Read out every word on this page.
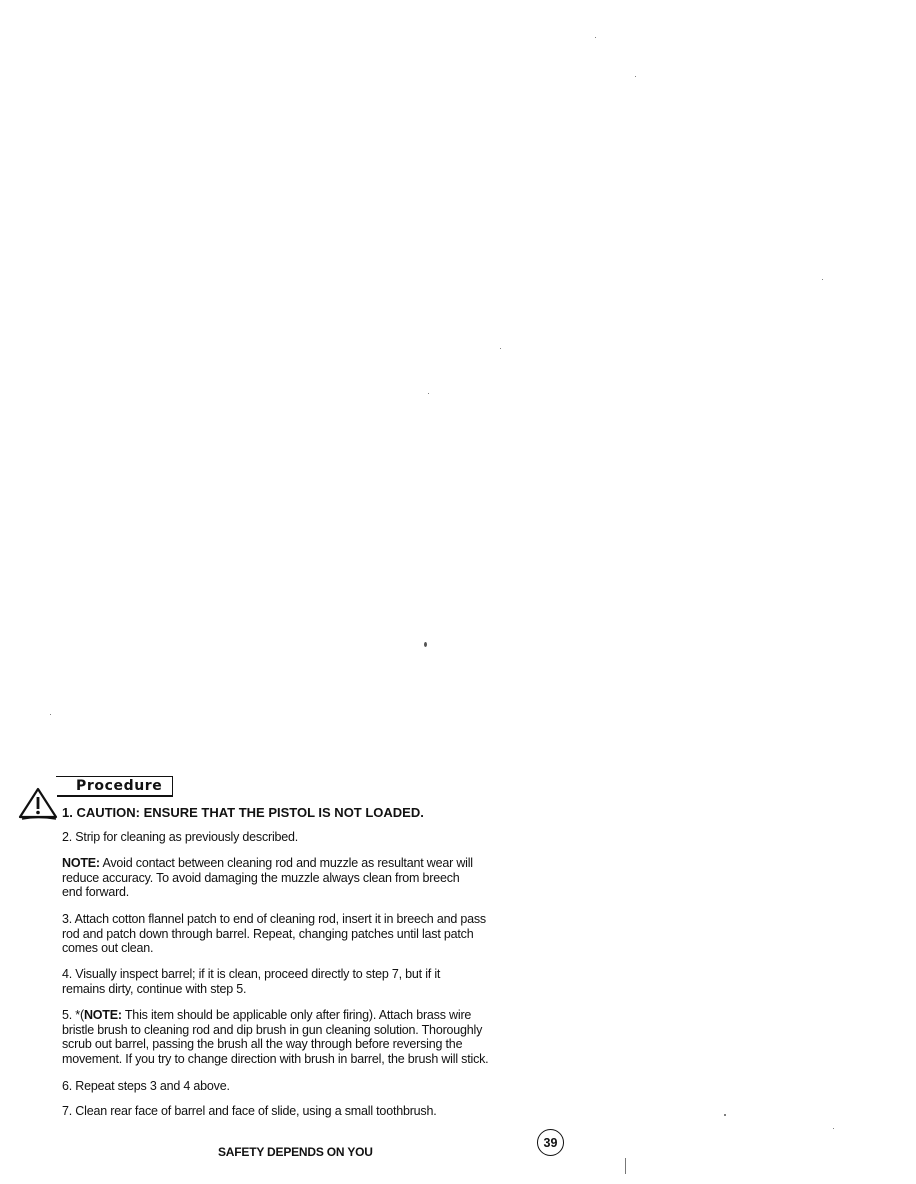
Procedure
1. CAUTION: ENSURE THAT THE PISTOL IS NOT LOADED.
2. Strip for cleaning as previously described.
NOTE: Avoid contact between cleaning rod and muzzle as resultant wear will
reduce accuracy. To avoid damaging the muzzle always clean from breech
end forward.
3. Attach cotton flannel patch to end of cleaning rod, insert it in breech and pass
rod and patch down through barrel. Repeat, changing patches until last patch
comes out clean.
4. Visually inspect barrel; if it is clean, proceed directly to step 7, but if it
remains dirty, continue with step 5.
5. *(NOTE: This item should be applicable only after firing). Attach brass wire
bristle brush to cleaning rod and dip brush in gun cleaning solution. Thoroughly
scrub out barrel, passing the brush all the way through before reversing the
movement. If you try to change direction with brush in barrel, the brush will stick.
6. Repeat steps 3 and 4 above.
7. Clean rear face of barrel and face of slide, using a small toothbrush.
SAFETY DEPENDS ON YOU
39
